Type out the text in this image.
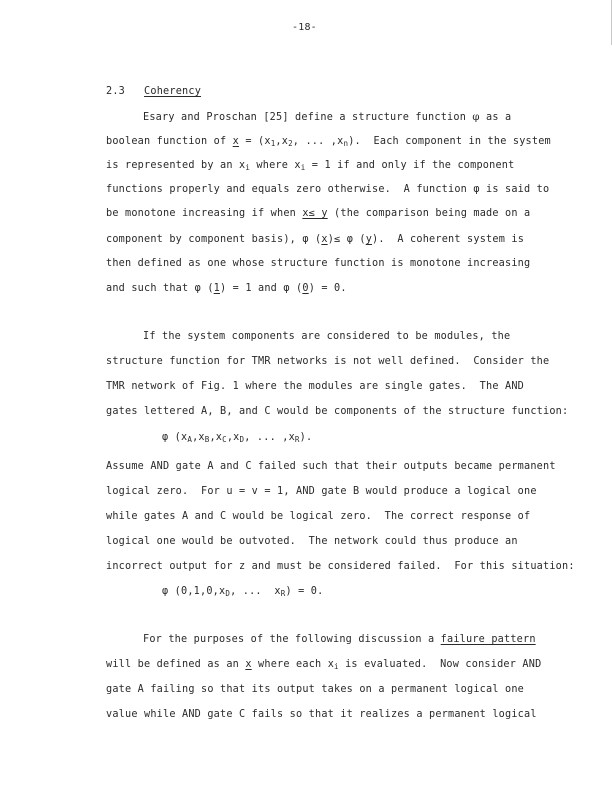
-18-
2.3 Coherency
Esary and Proschan [25] define a structure function φ as a
boolean function of $x = (x_1,x_2$, ... $,x_n$).  Each component in the system
is represented by an $x_i$ where $x_i = 1$ if and only if the component
functions properly and equals zero otherwise.  A function φ is said to
be monotone increasing if when x≤ y (the comparison being made on a
component by component basis), φ (x)≤ φ (y).  A coherent system is
then defined as one whose structure function is monotone increasing
and such that φ (1) = 1 and φ (0) = 0.
If the system components are considered to be modules, the
structure function for TMR networks is not well defined.  Consider the
TMR network of Fig. 1 where the modules are single gates.  The AND
gates lettered A, B, and C would be components of the structure function:
φ ($x_A,x_B,x_C,x_D$, ... $,x_R$).
Assume AND gate A and C failed such that their outputs became permanent
logical zero.  For u = v = 1, AND gate B would produce a logical one
while gates A and C would be logical zero.  The correct response of
logical one would be outvoted.  The network could thus produce an
incorrect output for z and must be considered failed.  For this situation:
φ ($0,1,0,x_D$, ...  $x_R) = 0$.
For the purposes of the following discussion a failure pattern
will be defined as an x where each $x_i$ is evaluated.  Now consider AND
gate A failing so that its output takes on a permanent logical one
value while AND gate C fails so that it realizes a permanent logical
